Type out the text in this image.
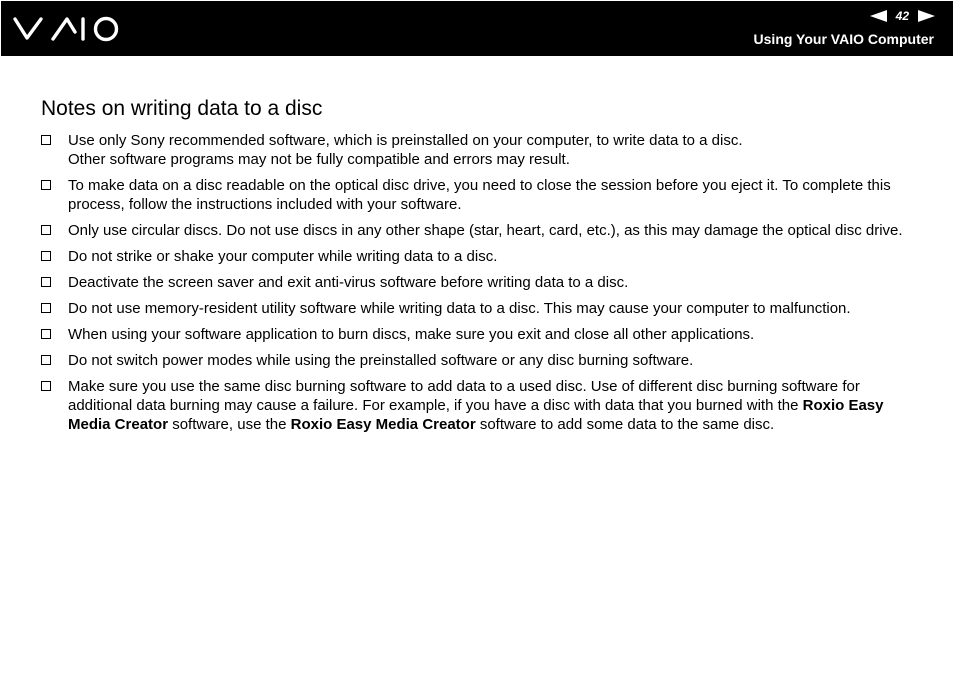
42
Using Your VAIO Computer
Notes on writing data to a disc
Use only Sony recommended software, which is preinstalled on your computer, to write data to a disc.
Other software programs may not be fully compatible and errors may result.
To make data on a disc readable on the optical disc drive, you need to close the session before you eject it. To complete this process, follow the instructions included with your software.
Only use circular discs. Do not use discs in any other shape (star, heart, card, etc.), as this may damage the optical disc drive.
Do not strike or shake your computer while writing data to a disc.
Deactivate the screen saver and exit anti-virus software before writing data to a disc.
Do not use memory-resident utility software while writing data to a disc. This may cause your computer to malfunction.
When using your software application to burn discs, make sure you exit and close all other applications.
Do not switch power modes while using the preinstalled software or any disc burning software.
Make sure you use the same disc burning software to add data to a used disc. Use of different disc burning software for additional data burning may cause a failure. For example, if you have a disc with data that you burned with the Roxio Easy Media Creator software, use the Roxio Easy Media Creator software to add some data to the same disc.
